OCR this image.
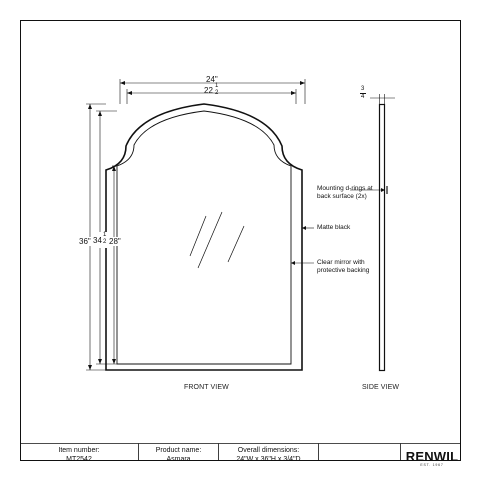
24"
22 1
2
36" 34
1
2 28"
3
4
Mounting d-rings at back surface (2x)
Matte black
Clear mirror with protective backing
FRONT VIEW	SIDE VIEW
Item number:
MT2542
Product name:
Asmara
Overall dimensions:
24"W x 36"H x 3/4"D	RENWIL
EST. 1967
